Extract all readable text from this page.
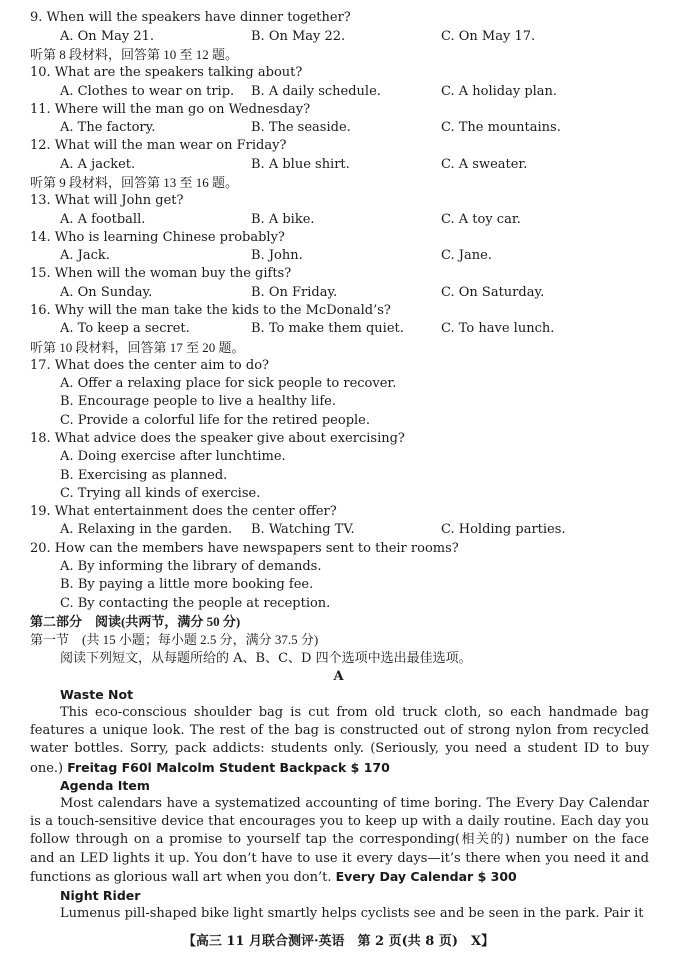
9. When will the speakers have dinner together?
A. On May 21.	B. On May 22.	C. On May 17.
听第 8 段材料，回答第 10 至 12 题。
10. What are the speakers talking about?
A. Clothes to wear on trip. B. A daily schedule.	C. A holiday plan.
11. Where will the man go on Wednesday?
A. The factory.	B. The seaside.	C. The mountains.
12. What will the man wear on Friday?
A. A jacket.	B. A blue shirt.	C. A sweater.
听第 9 段材料，回答第 13 至 16 题。
13. What will John get?
A. A football.	B. A bike.	C. A toy car.
14. Who is learning Chinese probably?
A. Jack.	B. John.	C. Jane.
15. When will the woman buy the gifts?
A. On Sunday.	B. On Friday.	C. On Saturday.
16. Why will the man take the kids to the McDonald’s?
A. To keep a secret.	B. To make them quiet.	C. To have lunch.
听第 10 段材料，回答第 17 至 20 题。
17. What does the center aim to do?
A. Offer a relaxing place for sick people to recover.
B. Encourage people to live a healthy life.
C. Provide a colorful life for the retired people.
18. What advice does the speaker give about exercising?
A. Doing exercise after lunchtime.
B. Exercising as planned.
C. Trying all kinds of exercise.
19. What entertainment does the center offer?
A. Relaxing in the garden. B. Watching TV.	C. Holding parties.
20. How can the members have newspapers sent to their rooms?
A. By informing the library of demands.
B. By paying a little more booking fee.
C. By contacting the people at reception.
第二部分　阅读(共两节，满分 50 分)
第一节　(共 15 小题；每小题 2.5 分，满分 37.5 分)
阅读下列短文，从每题所给的 A、B、C、D 四个选项中选出最佳选项。
A
Waste Not
This eco-conscious shoulder bag is cut from old truck cloth, so each handmade bag features a unique look. The rest of the bag is constructed out of strong nylon from recycled water bottles. Sorry, pack addicts: students only. (Seriously, you need a student ID to buy one.) Freitag F60l Malcolm Student Backpack $ 170
Agenda Item
Most calendars have a systematized accounting of time boring. The Every Day Calendar is a touch-sensitive device that encourages you to keep up with a daily routine. Each day you follow through on a promise to yourself tap the corresponding(相关的) number on the face and an LED lights it up. You don’t have to use it every days—it’s there when you need it and functions as glorious wall art when you don’t. Every Day Calendar $ 300
Night Rider
Lumenus pill-shaped bike light smartly helps cyclists see and be seen in the park. Pair it
【高三 11 月联合测评·英语　第 2 页(共 8 页)　X】
